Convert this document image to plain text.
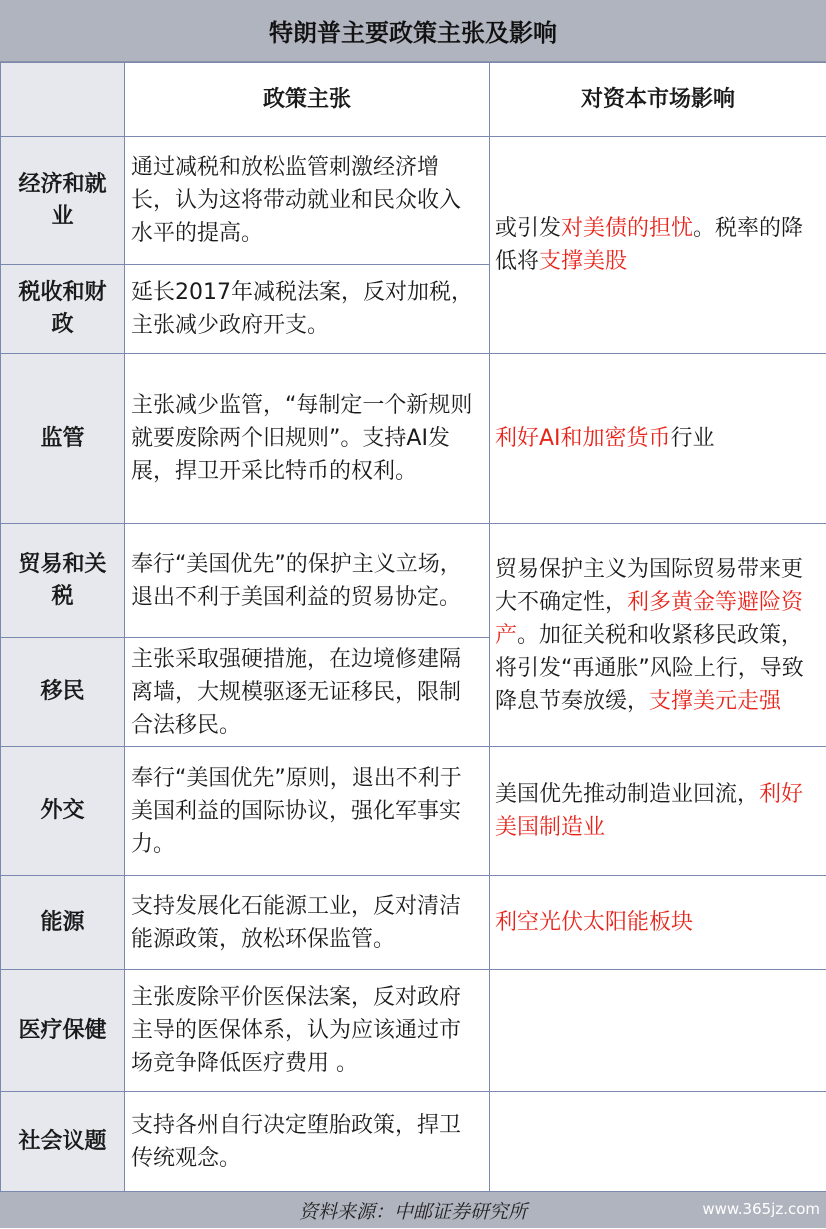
特朗普主要政策主张及影响
	政策主张	对资本市场影响
经济和就业	通过减税和放松监管刺激经济增长，认为这将带动就业和民众收入水平的提高。	或引发对美债的担忧。税率的降低将支撑美股
税收和财政	延长2017年减税法案，反对加税，主张减少政府开支。	
监管	主张减少监管，“每制定一个新规则就要废除两个旧规则”。支持AI发展，捍卫开采比特币的权利。	利好AI和加密货币行业
贸易和关税	奉行“美国优先”的保护主义立场，退出不利于美国利益的贸易协定。	贸易保护主义为国际贸易带来更大不确定性，利多黄金等避险资产。加征关税和收紧移民政策，将引发“再通胀”风险上行，导致降息节奏放缓，支撑美元走强
移民	主张采取强硬措施，在边境修建隔离墙，大规模驱逐无证移民，限制合法移民。	
外交	奉行“美国优先”原则，退出不利于美国利益的国际协议，强化军事实力。	美国优先推动制造业回流，利好美国制造业
能源	支持发展化石能源工业，反对清洁能源政策，放松环保监管。	利空光伏太阳能板块
医疗保健	主张废除平价医保法案，反对政府主导的医保体系，认为应该通过市场竞争降低医疗费用 。	
社会议题	支持各州自行决定堕胎政策，捍卫传统观念。	
资料来源：中邮证券研究所	www.365jz.com
